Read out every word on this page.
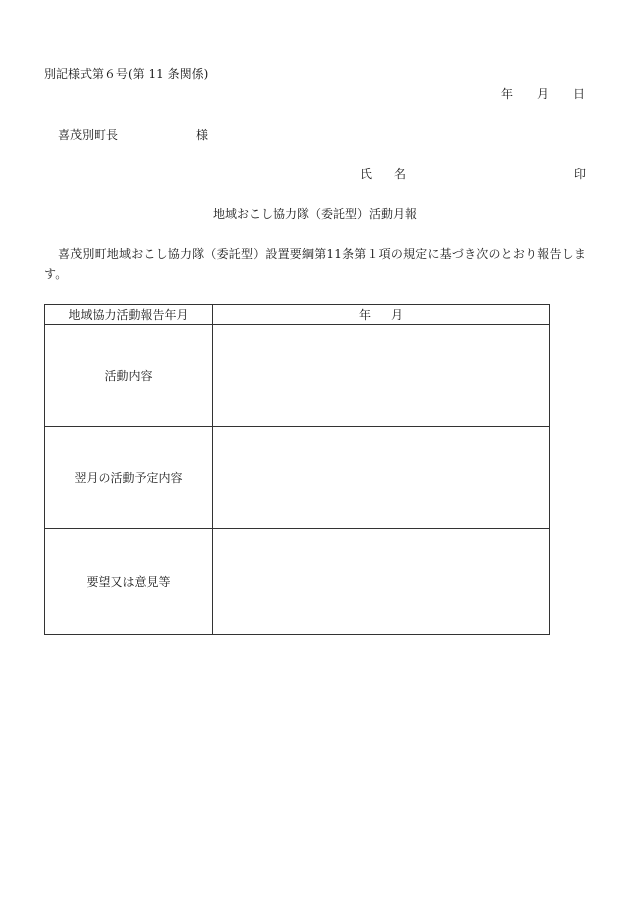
別記様式第６号(第 11 条関係)
年 月 日
喜茂別町長	様
氏 名	印
地域おこし協力隊（委託型）活動月報
喜茂別町地域おこし協力隊（委託型）設置要綱第11条第１項の規定に基づき次のとおり報告します。
地域協力活動報告年月	年 月
活動内容	
翌月の活動予定内容	
要望又は意見等	
